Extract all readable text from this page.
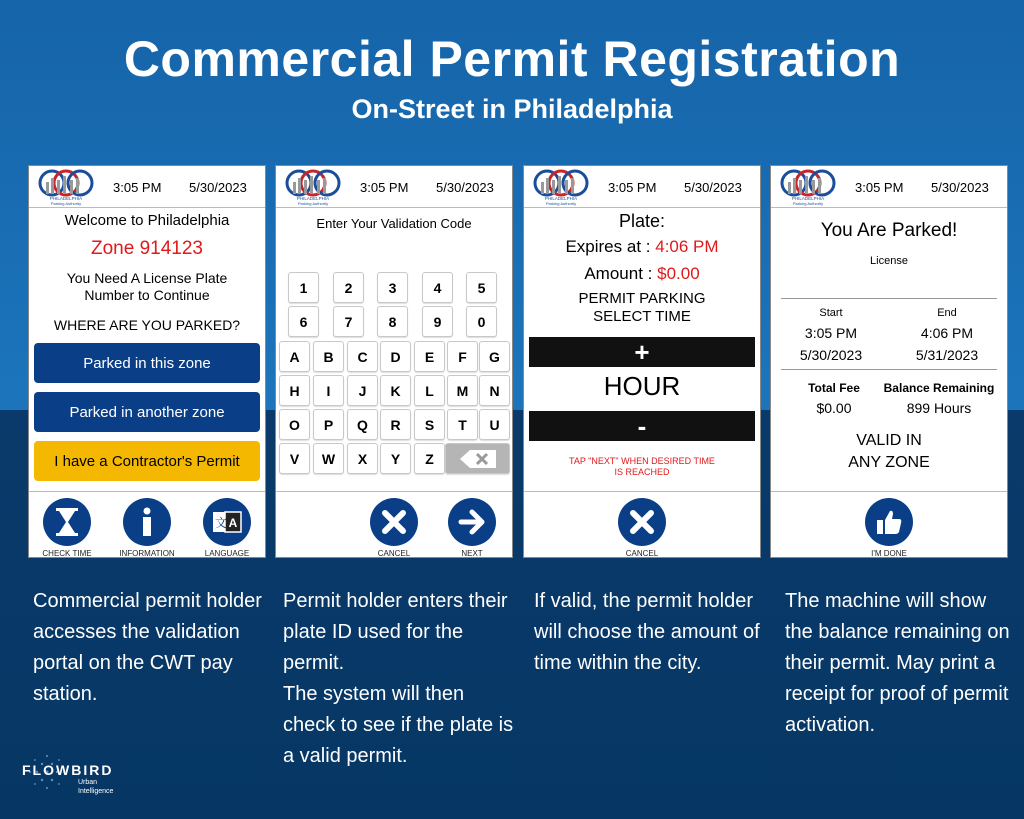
Commercial Permit Registration
On-Street in Philadelphia
PHILADELPHIA
Parking Authority
3:05 PM 5/30/2023
Welcome to Philadelphia
Zone 914123
You Need A License Plate
Number to Continue
WHERE ARE YOU PARKED?
Parked in this zone
Parked in another zone
I have a Contractor's Permit
CHECK TIME	INFORMATION
文 A
LANGUAGE
PHILADELPHIA
Parking Authority
3:05 PM 5/30/2023
Enter Your Validation Code
1	2	3	4	5
6	7	8	9	0
A	B	C	D	E	F	G
H	I	J	K	L	M	N
O	P	Q	R	S	T	U
V	W	X	Y	Z
CANCEL	NEXT
PHILADELPHIA
Parking Authority
3:05 PM 5/30/2023
Plate:
Expires at : 4:06 PM
Amount : $0.00
PERMIT PARKING
SELECT TIME
+
HOUR
-
TAP "NEXT" WHEN DESIRED TIME
IS REACHED
CANCEL
PHILADELPHIA
Parking Authority
3:05 PM 5/30/2023
You Are Parked!
License
Start	End
3:05 PM	4:06 PM
5/30/2023	5/31/2023
Total Fee	Balance Remaining
$0.00	899 Hours
VALID IN
ANY ZONE
I'M DONE
Commercial permit holder accesses the validation portal on the CWT pay station.
Permit holder enters their plate ID used for the permit.
The system will then check to see if the plate is a valid permit.
If valid, the permit holder will choose the amount of time within the city.
The machine will show the balance remaining on their permit. May print a receipt for proof of permit activation.
FLOWBIRD
Urban
Intelligence
